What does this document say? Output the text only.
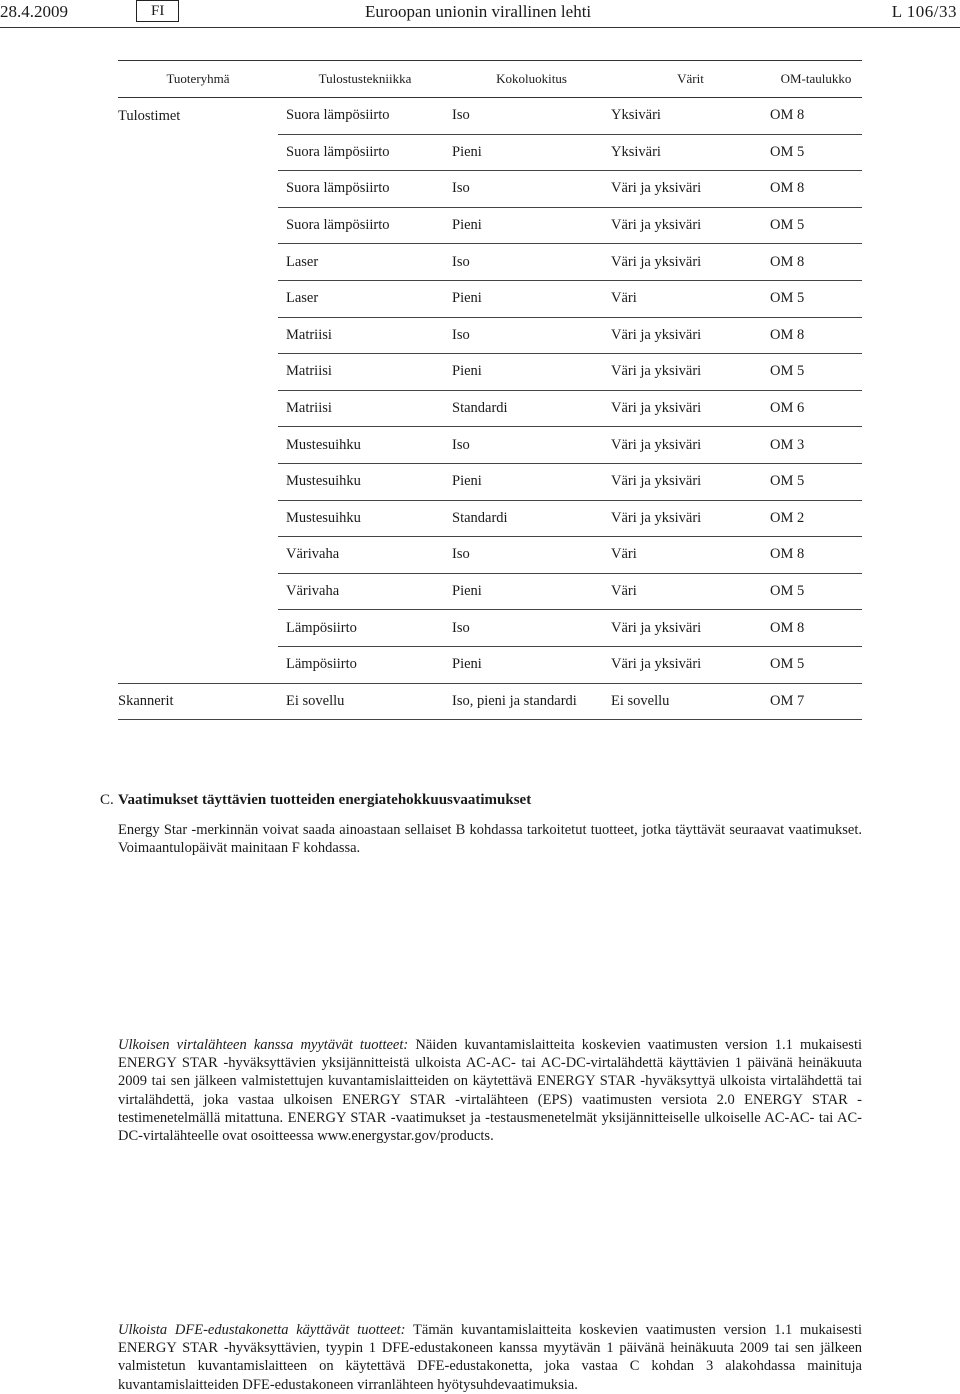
28.4.2009	FI	Euroopan unionin virallinen lehti	L 106/33
Tuoteryhmä	Tulostustekniikka	Kokoluokitus	Värit	OM-taulukko
Tulostimet	Suora lämpösiirto	Iso	Yksiväri	OM 8
	Suora lämpösiirto	Pieni	Yksiväri	OM 5
	Suora lämpösiirto	Iso	Väri ja yksiväri	OM 8
	Suora lämpösiirto	Pieni	Väri ja yksiväri	OM 5
	Laser	Iso	Väri ja yksiväri	OM 8
	Laser	Pieni	Väri	OM 5
	Matriisi	Iso	Väri ja yksiväri	OM 8
	Matriisi	Pieni	Väri ja yksiväri	OM 5
	Matriisi	Standardi	Väri ja yksiväri	OM 6
	Mustesuihku	Iso	Väri ja yksiväri	OM 3
	Mustesuihku	Pieni	Väri ja yksiväri	OM 5
	Mustesuihku	Standardi	Väri ja yksiväri	OM 2
	Värivaha	Iso	Väri	OM 8
	Värivaha	Pieni	Väri	OM 5
	Lämpösiirto	Iso	Väri ja yksiväri	OM 8
	Lämpösiirto	Pieni	Väri ja yksiväri	OM 5
Skannerit	Ei sovellu	Iso, pieni ja standardi	Ei sovellu	OM 7

C. Vaatimukset täyttävien tuotteiden energiatehokkuusvaatimukset

Energy Star -merkinnän voivat saada ainoastaan sellaiset B kohdassa tarkoitetut tuotteet, jotka täyttävät seuraavat vaatimukset. Voimaantulopäivät mainitaan F kohdassa.

Ulkoisen virtalähteen kanssa myytävät tuotteet: Näiden kuvantamislaitteita koskevien vaatimusten version 1.1 mukaisesti ENERGY STAR -hyväksyttävien yksijännitteistä ulkoista AC-AC- tai AC-DC-virtalähdettä käyttävien 1 päivänä heinäkuuta 2009 tai sen jälkeen valmistettujen kuvantamislaitteiden on käytettävä ENERGY STAR -hyväksyttyä ulkoista virtalähdettä tai virtalähdettä, joka vastaa ulkoisen ENERGY STAR -virtalähteen (EPS) vaatimusten versiota 2.0 ENERGY STAR -testimenetelmällä mitattuna. ENERGY STAR -vaatimukset ja -testausmenetelmät yksijännitteiselle ulkoiselle AC-AC- tai AC-DC-virtalähteelle ovat osoitteessa www.energystar.gov/products.

Ulkoista DFE-edustakonetta käyttävät tuotteet: Tämän kuvantamislaitteita koskevien vaatimusten version 1.1 mukaisesti ENERGY STAR -hyväksyttävien, tyypin 1 DFE-edustakoneen kanssa myytävän 1 päivänä heinäkuuta 2009 tai sen jälkeen valmistetun kuvantamislaitteen on käytettävä DFE-edustakonetta, joka vastaa C kohdan 3 alakohdassa mainituja kuvantamislaitteiden DFE-edustakoneen virranlähteen hyötysuhdevaatimuksia.
